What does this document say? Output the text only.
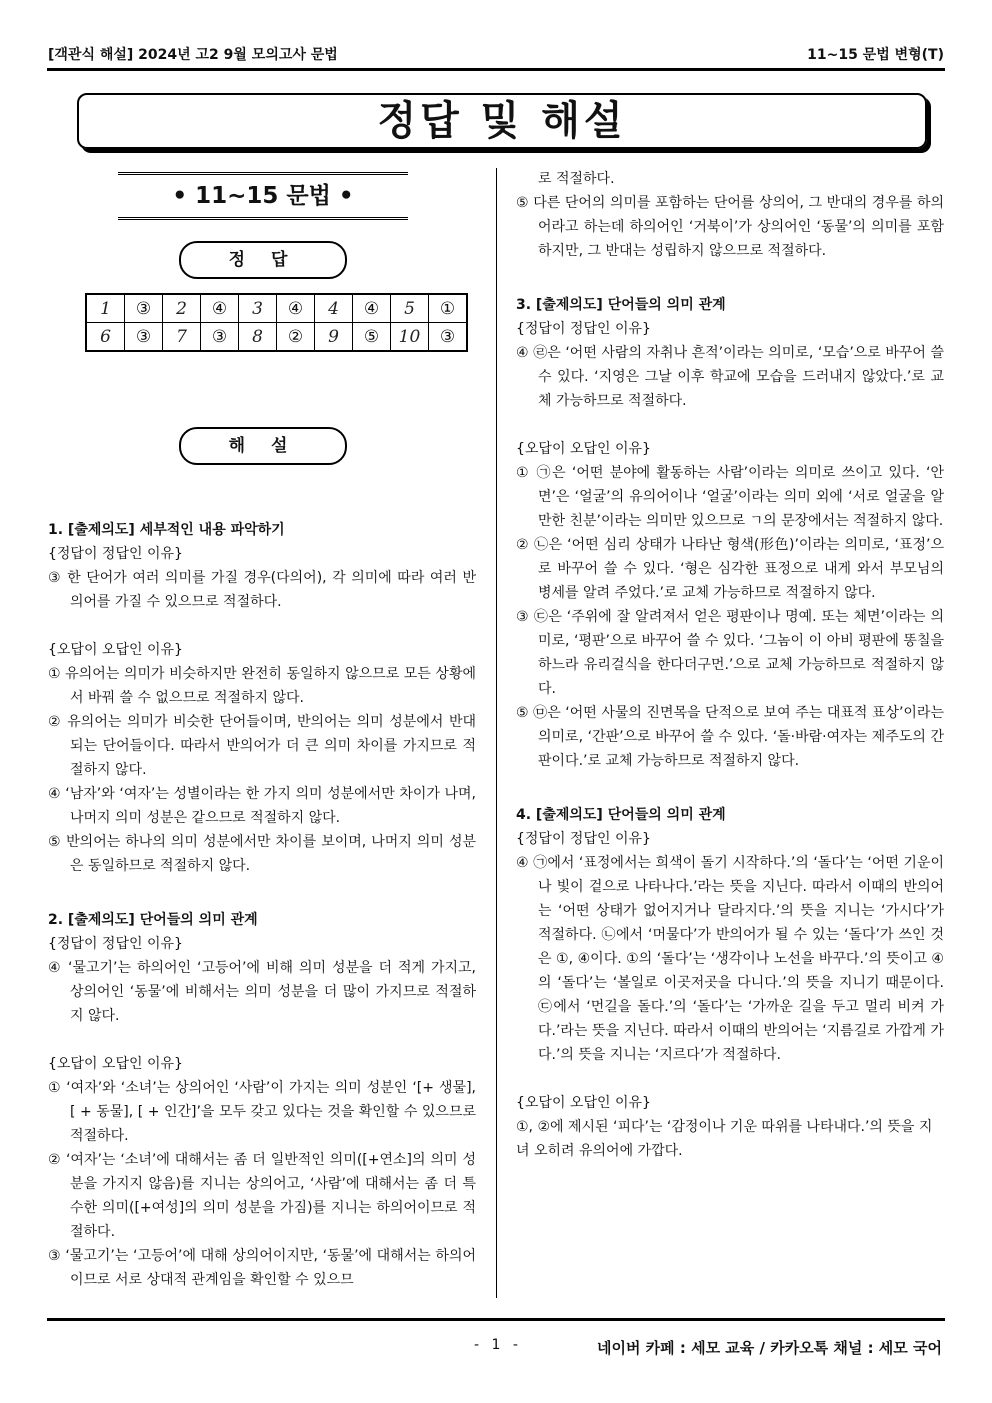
[객관식 해설] 2024년 고2 9월 모의고사 문법	11~15 문법 변형(T)
정답 및 해설
• 11~15 문법 •
정 답
1	③	2	④	3	④	4	④	5	①
6	③	7	③	8	②	9	⑤	10	③
해 설
1. [출제의도] 세부적인 내용 파악하기
{정답이 정답인 이유}
③ 한 단어가 여러 의미를 가질 경우(다의어), 각 의미에 따라 여러 반의어를 가질 수 있으므로 적절하다.
{오답이 오답인 이유}
① 유의어는 의미가 비슷하지만 완전히 동일하지 않으므로 모든 상황에서 바꿔 쓸 수 없으므로 적절하지 않다.
② 유의어는 의미가 비슷한 단어들이며, 반의어는 의미 성분에서 반대되는 단어들이다. 따라서 반의어가 더 큰 의미 차이를 가지므로 적절하지 않다.
④ ‘남자’와 ‘여자’는 성별이라는 한 가지 의미 성분에서만 차이가 나며, 나머지 의미 성분은 같으므로 적절하지 않다.
⑤ 반의어는 하나의 의미 성분에서만 차이를 보이며, 나머지 의미 성분은 동일하므로 적절하지 않다.
2. [출제의도] 단어들의 의미 관계
{정답이 정답인 이유}
④ ‘물고기’는 하의어인 ‘고등어’에 비해 의미 성분을 더 적게 가지고, 상의어인 ‘동물’에 비해서는 의미 성분을 더 많이 가지므로 적절하지 않다.
{오답이 오답인 이유}
① ‘여자’와 ‘소녀’는 상의어인 ‘사람’이 가지는 의미 성분인 ‘[+ 생물], [ + 동물], [ + 인간]’을 모두 갖고 있다는 것을 확인할 수 있으므로 적절하다.
② ‘여자’는 ‘소녀’에 대해서는 좀 더 일반적인 의미([+연소]의 의미 성분을 가지지 않음)를 지니는 상의어고, ‘사람’에 대해서는 좀 더 특수한 의미([+여성]의 의미 성분을 가짐)를 지니는 하의어이므로 적절하다.
③ ‘물고기’는 ‘고등어’에 대해 상의어이지만, ‘동물’에 대해서는 하의어이므로 서로 상대적 관계임을 확인할 수 있으므
로 적절하다.
⑤ 다른 단어의 의미를 포함하는 단어를 상의어, 그 반대의 경우를 하의어라고 하는데 하의어인 ‘거북이’가 상의어인 ‘동물’의 의미를 포함하지만, 그 반대는 성립하지 않으므로 적절하다.
3. [출제의도] 단어들의 의미 관계
{정답이 정답인 이유}
④ ㉣은 ‘어떤 사람의 자취나 흔적’이라는 의미로, ‘모습’으로 바꾸어 쓸 수 있다. ‘지영은 그날 이후 학교에 모습을 드러내지 않았다.’로 교체 가능하므로 적절하다.
{오답이 오답인 이유}
① ㉠은 ‘어떤 분야에 활동하는 사람’이라는 의미로 쓰이고 있다. ‘안면’은 ‘얼굴’의 유의어이나 ‘얼굴’이라는 의미 외에 ‘서로 얼굴을 알 만한 친분’이라는 의미만 있으므로 ㄱ의 문장에서는 적절하지 않다.
② ㉡은 ‘어떤 심리 상태가 나타난 형색(形色)’이라는 의미로, ‘표정’으로 바꾸어 쓸 수 있다. ‘형은 심각한 표정으로 내게 와서 부모님의 병세를 알려 주었다.’로 교체 가능하므로 적절하지 않다.
③ ㉢은 ‘주위에 잘 알려져서 얻은 평판이나 명예. 또는 체면’이라는 의미로, ‘평판’으로 바꾸어 쓸 수 있다. ‘그놈이 이 아비 평판에 똥칠을 하느라 유리걸식을 한다더구먼.’으로 교체 가능하므로 적절하지 않다.
⑤ ㉤은 ‘어떤 사물의 진면목을 단적으로 보여 주는 대표적 표상’이라는 의미로, ‘간판’으로 바꾸어 쓸 수 있다. ‘돌·바람·여자는 제주도의 간판이다.’로 교체 가능하므로 적절하지 않다.
4. [출제의도] 단어들의 의미 관계
{정답이 정답인 이유}
④ ㉠에서 ‘표정에서는 희색이 돌기 시작하다.’의 ‘돌다’는 ‘어떤 기운이나 빛이 겉으로 나타나다.’라는 뜻을 지닌다. 따라서 이때의 반의어는 ‘어떤 상태가 없어지거나 달라지다.’의 뜻을 지니는 ‘가시다’가 적절하다. ㉡에서 ‘머물다’가 반의어가 될 수 있는 ‘돌다’가 쓰인 것은 ①, ④이다. ①의 ‘돌다’는 ‘생각이나 노선을 바꾸다.’의 뜻이고 ④의 ‘돌다’는 ‘볼일로 이곳저곳을 다니다.’의 뜻을 지니기 때문이다. ㉢에서 ‘먼길을 돌다.’의 ‘돌다’는 ‘가까운 길을 두고 멀리 비켜 가다.’라는 뜻을 지닌다. 따라서 이때의 반의어는 ‘지름길로 가깝게 가다.’의 뜻을 지니는 ‘지르다’가 적절하다.
{오답이 오답인 이유}
①, ②에 제시된 ‘피다’는 ‘감정이나 기운 따위를 나타내다.’의 뜻을 지녀 오히려 유의어에 가깝다.
- 1 -	네이버 카페 : 세모 교육 / 카카오톡 채널 : 세모 국어
